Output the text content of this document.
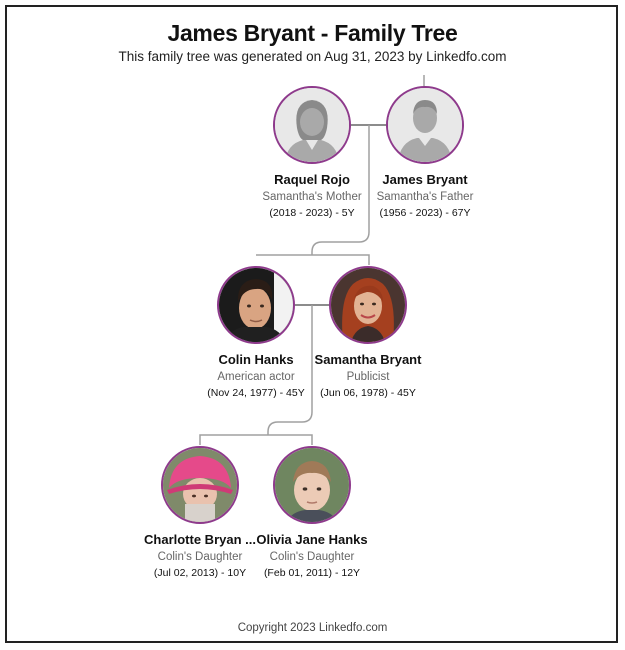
James Bryant - Family Tree
This family tree was generated on Aug 31, 2023 by Linkedfo.com
Raquel Rojo
Samantha's Mother
(2018 - 2023) - 5Y
James Bryant
Samantha's Father
(1956 - 2023) - 67Y
Colin Hanks
American actor
(Nov 24, 1977) - 45Y
Samantha Bryant
Publicist
(Jun 06, 1978) - 45Y
Charlotte Bryan ...
Colin's Daughter
(Jul 02, 2013) - 10Y
Olivia Jane Hanks
Colin's Daughter
(Feb 01, 2011) - 12Y
Copyright 2023 Linkedfo.com
